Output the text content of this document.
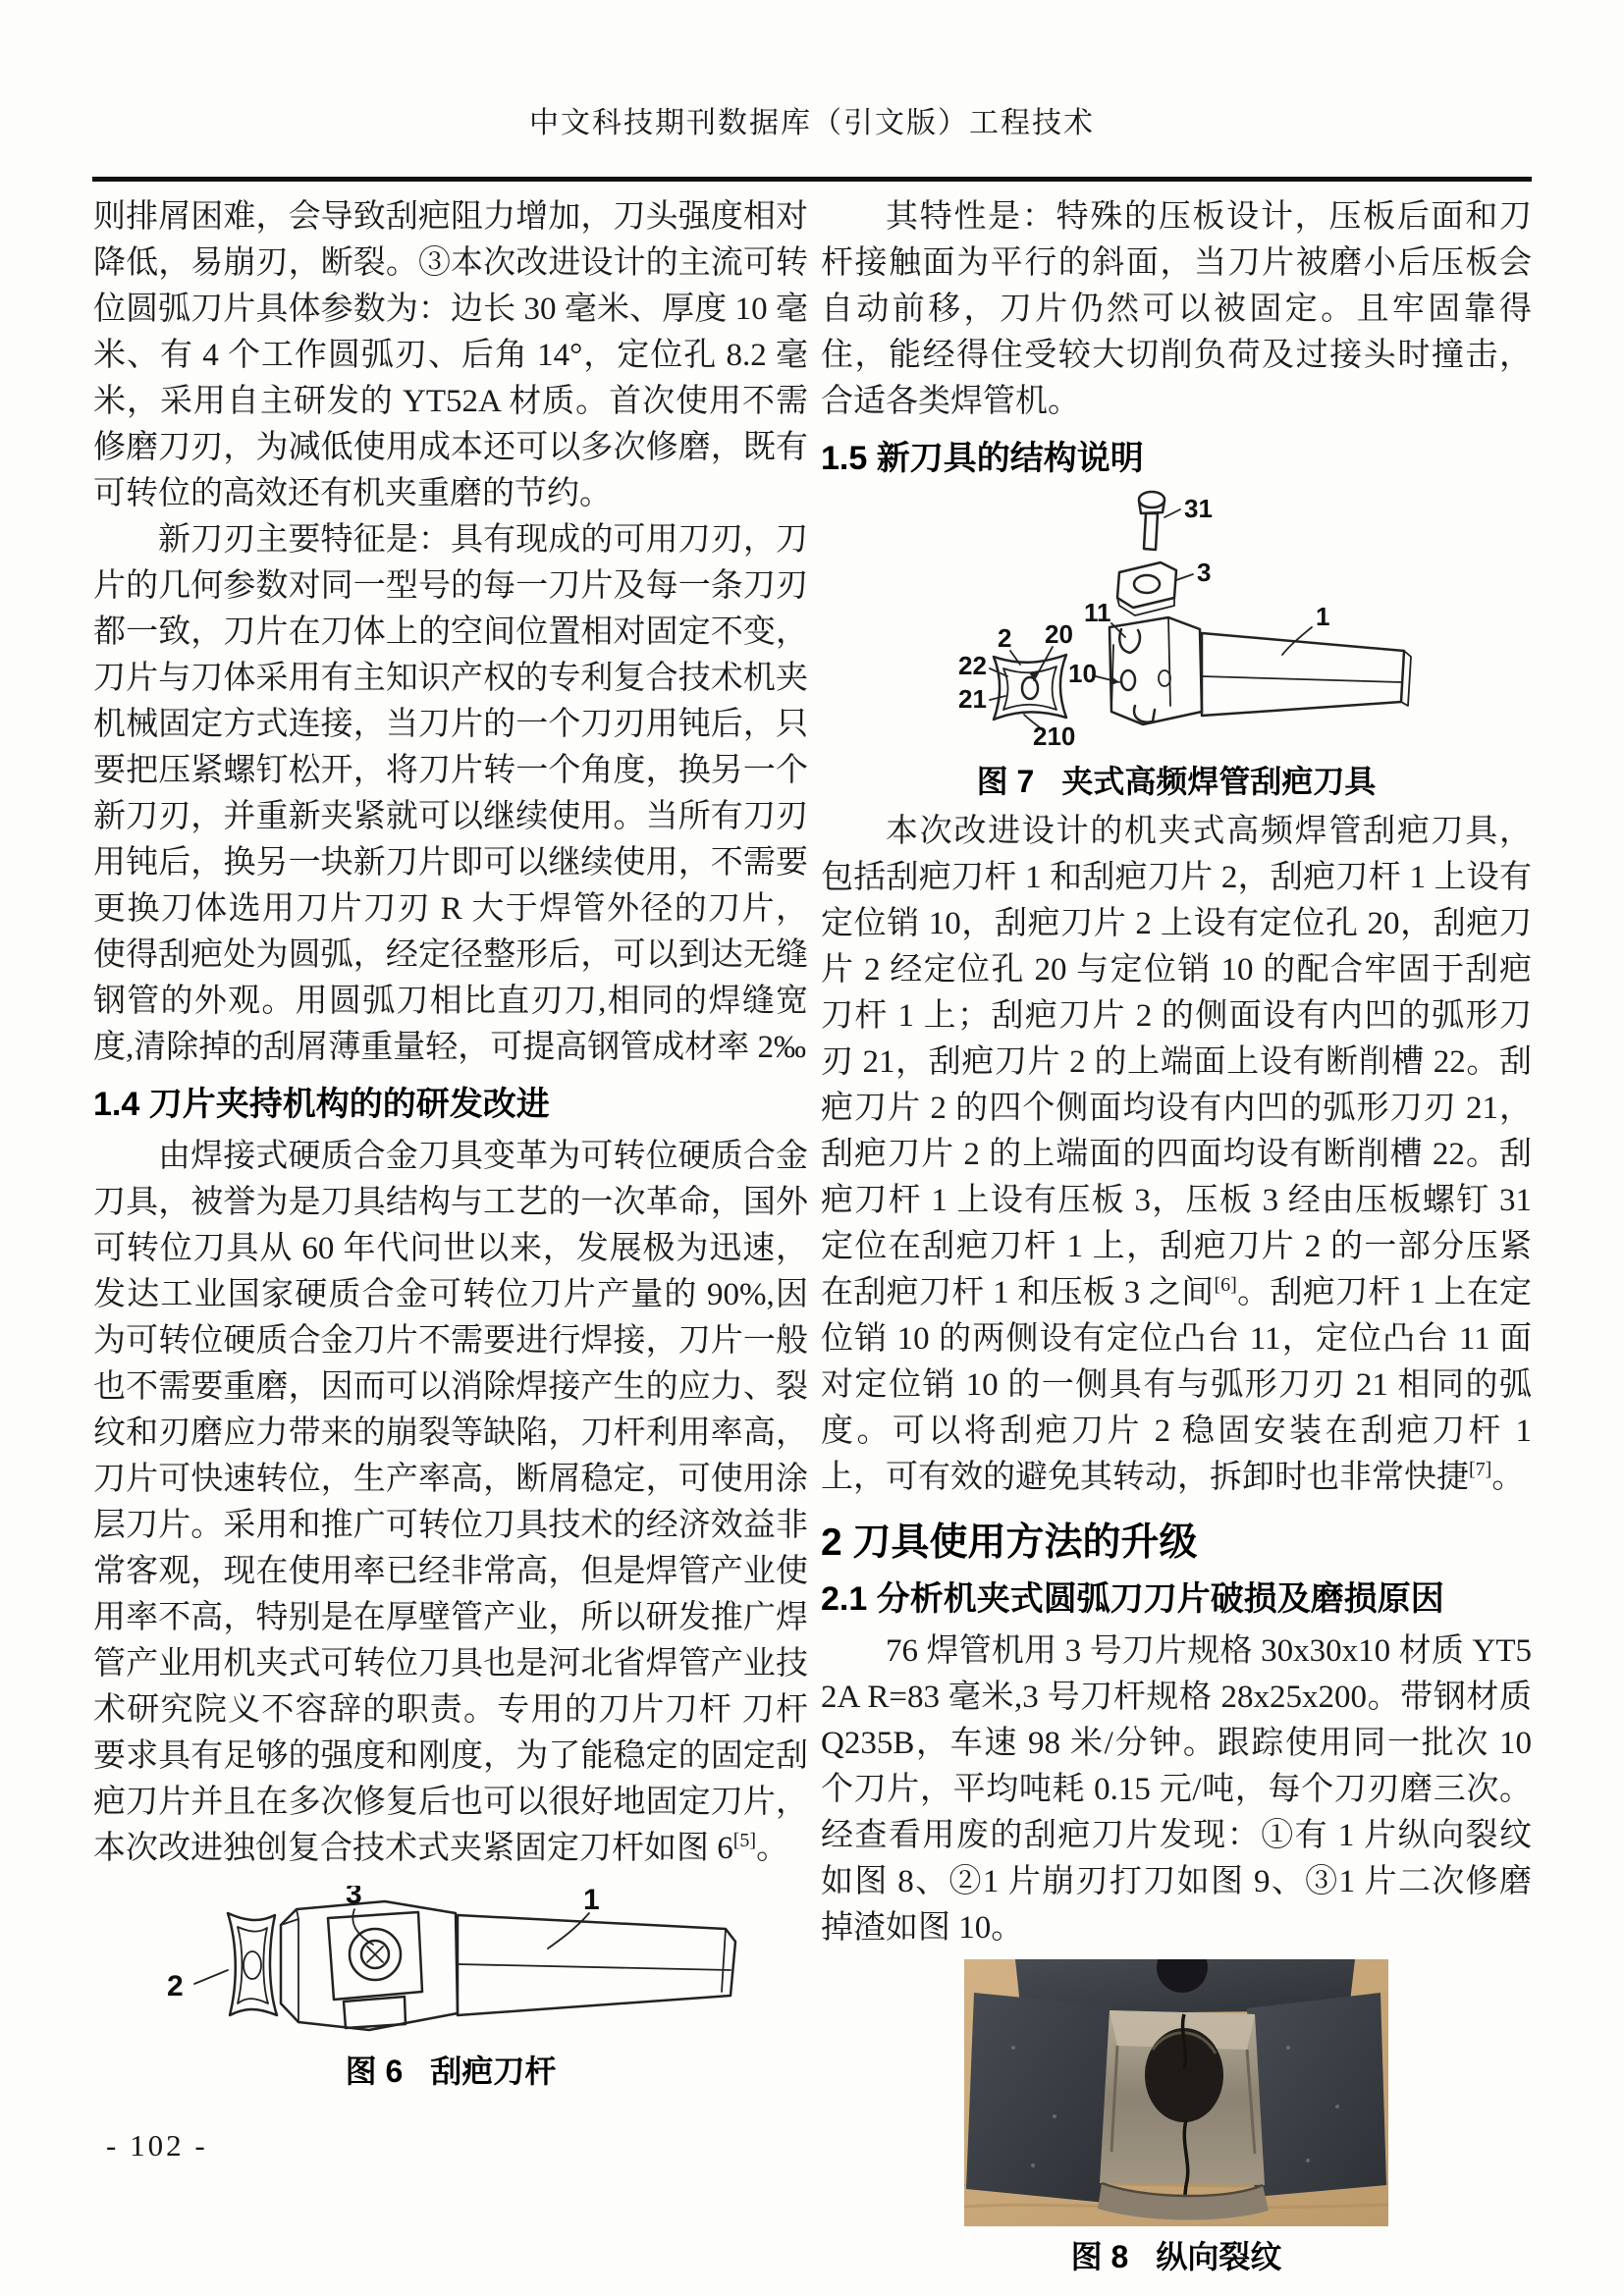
中文科技期刊数据库（引文版）工程技术

则排屑困难，会导致刮疤阻力增加，刀头强度相对降低，易崩刃，断裂。③本次改进设计的主流可转位圆弧刀片具体参数为：边长 30 毫米、厚度 10 毫米、有 4 个工作圆弧刃、后角 14°，定位孔 8.2 毫米，采用自主研发的 YT52A 材质。首次使用不需修磨刀刃，为减低使用成本还可以多次修磨，既有可转位的高效还有机夹重磨的节约。

新刀刃主要特征是：具有现成的可用刀刃，刀片的几何参数对同一型号的每一刀片及每一条刀刃都一致，刀片在刀体上的空间位置相对固定不变，刀片与刀体采用有主知识产权的专利复合技术机夹机械固定方式连接，当刀片的一个刀刃用钝后，只要把压紧螺钉松开，将刀片转一个角度，换另一个新刀刃，并重新夹紧就可以继续使用。当所有刀刃用钝后，换另一块新刀片即可以继续使用，不需要更换刀体选用刀片刀刃 R 大于焊管外径的刀片，使得刮疤处为圆弧，经定径整形后，可以到达无缝钢管的外观。用圆弧刀相比直刃刀,相同的焊缝宽度,清除掉的刮屑薄重量轻，可提高钢管成材率 2‰

1.4 刀片夹持机构的的研发改进

由焊接式硬质合金刀具变革为可转位硬质合金刀具，被誉为是刀具结构与工艺的一次革命，国外可转位刀具从 60 年代问世以来，发展极为迅速，发达工业国家硬质合金可转位刀片产量的 90%,因为可转位硬质合金刀片不需要进行焊接，刀片一般也不需要重磨，因而可以消除焊接产生的应力、裂纹和刃磨应力带来的崩裂等缺陷，刀杆利用率高，刀片可快速转位，生产率高，断屑稳定，可使用涂层刀片。采用和推广可转位刀具技术的经济效益非常客观，现在使用率已经非常高，但是焊管产业使用率不高，特别是在厚壁管产业，所以研发推广焊管产业用机夹式可转位刀具也是河北省焊管产业技术研究院义不容辞的职责。专用的刀片刀杆 刀杆要求具有足够的强度和刚度，为了能稳定的固定刮疤刀片并且在多次修复后也可以很好地固定刀片，本次改进独创复合技术式夹紧固定刀杆如图 6[5]。

3	1
2
图 6 刮疤刀杆

其特性是：特殊的压板设计，压板后面和刀杆接触面为平行的斜面，当刀片被磨小后压板会自动前移，刀片仍然可以被固定。且牢固靠得住，能经得住受较大切削负荷及过接头时撞击，合适各类焊管机。

1.5 新刀具的结构说明
31
3
2 20
22
21
210
11
10
1
图 7 夹式高频焊管刮疤刀具

本次改进设计的机夹式高频焊管刮疤刀具，包括刮疤刀杆 1 和刮疤刀片 2，刮疤刀杆 1 上设有定位销 10，刮疤刀片 2 上设有定位孔 20，刮疤刀片 2 经定位孔 20 与定位销 10 的配合牢固于刮疤刀杆 1 上；刮疤刀片 2 的侧面设有内凹的弧形刀刃 21，刮疤刀片 2 的上端面上设有断削槽 22。刮疤刀片 2 的四个侧面均设有内凹的弧形刀刃 21，刮疤刀片 2 的上端面的四面均设有断削槽 22。刮疤刀杆 1 上设有压板 3，压板 3 经由压板螺钉 31 定位在刮疤刀杆 1 上，刮疤刀片 2 的一部分压紧在刮疤刀杆 1 和压板 3 之间[6]。刮疤刀杆 1 上在定位销 10 的两侧设有定位凸台 11，定位凸台 11 面对定位销 10 的一侧具有与弧形刀刃 21 相同的弧度。可以将刮疤刀片 2 稳固安装在刮疤刀杆 1 上，可有效的避免其转动，拆卸时也非常快捷[7]。

2 刀具使用方法的升级
2.1 分析机夹式圆弧刀刀片破损及磨损原因

76 焊管机用 3 号刀片规格 30x30x10 材质 YT52A R=83 毫米,3 号刀杆规格 28x25x200。带钢材质 Q235B，车速 98 米/分钟。跟踪使用同一批次 10 个刀片，平均吨耗 0.15 元/吨，每个刀刃磨三次。经查看用废的刮疤刀片发现：①有 1 片纵向裂纹如图 8、②1 片崩刃打刀如图 9、③1 片二次修磨掉渣如图 10。

图 8 纵向裂纹
- 102 -
